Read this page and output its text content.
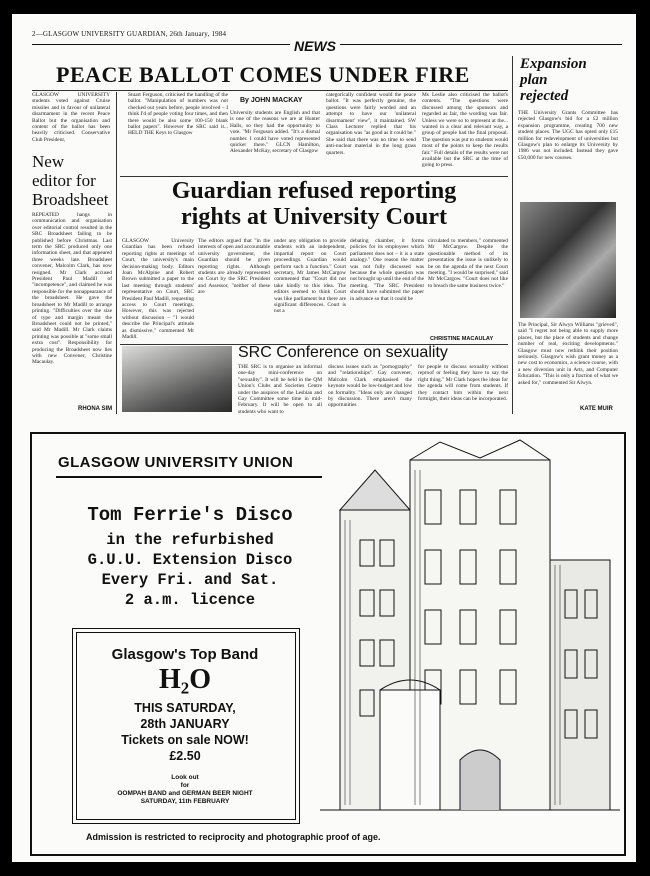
2—GLASGOW UNIVERSITY GUARDIAN, 26th January, 1984
NEWS
PEACE BALLOT COMES UNDER FIRE
GLASGOW UNIVERSITY students voted against Cruise missiles and in favour of unilateral disarmament in the recent Peace Ballot but the organisation and content of the ballot has been heavily criticised. Conservative Club President,
Stuart Ferguson, criticised the handling of the ballot. "Manipulation of numbers was not checked out years before, people involved – I think I'd of people voting four times, and then there would be also some 100-150 blank ballot papers". However the SRC said it... HELD THE Keys to Glasgow
By JOHN MACKAY
University students are English and that is one of the reasons we are at Hunter Halls, so they had the opportunity to vote. "Mr Ferguson added. "It's a dismal number. I could have voted represented quicker there." GLCN Hamilton, Alexander McKay, secretary of Glasgow
categorically confident would the peace ballot. "It was perfectly genuine, the questions were fairly worded and an attempt to have our 'unilateral disarmament' view", it maintained. SW Class Lecturer replied that his organisation was "as good as it could be." She said that there was no time to send anti-nuclear material in the long grass quarters.
Ms Leslie also criticised the ballot's contents. "The questions were discussed among the sponsors and regarded as fair, the wording was fair. Unless we were so to represent at the... wanted in a clear and relevant way, a group of people had the final proposal. The question was put to students would most of the points to keep the results fair." Full details of the results were not available but the SRC at the time of going to press.
New
editor for
Broadsheet
REPEATED hangs in communication and organisation over editorial control resulted in the SRC Broadsheet failing to be published before Christmas. Last term the SRC produced only one information sheet, and that appeared three weeks late. Broadsheet convener, Malcolm Clark, has now resigned. Mr Clark accused President Paul Madill of "incompetence", and claimed he was responsible for the nonappearance of the broadsheet. He gave the broadsheet to Mr Madill to arrange printing. "Difficulties over the size of type and margin meant the Broadsheet could not be printed," said Mr Madill. Mr Clark claims printing was possible at "some small extra cost". Responsibility for producing the Broadsheet now lies with new Convener, Christine Macaulay.
RHONA SIM
Guardian refused reporting
rights at University Court
GLASGOW University Guardian has been refused reporting rights at meetings of Court, the university's main decision-making body. Editors Joan McAlpine and Robert Brown submitted a paper to the last meeting through students' representative on Court, SRC President Paul Madill, requesting access to Court meetings. However, this was rejected without discussion – "I would describe the Principal's attitude as dismissive," commented Mr Madill.
The editors argued that "in the interests of open and accountable university government, the Guardian should be given reporting rights. Although students are already represented on Court by the SRC President and Assessor, "neither of these are
under any obligation to provide students with an independent, impartial report on Court proceedings. Guardian would perform such a function." Court secretary, Mr James McCargow commented that "Court did not take kindly to this idea. The editors seemed to think Court was like parliament but there are significant differences. Court is not a
debating chamber, it forms policies for its employees which parliament does not – it is a state analogy." One reason the matter was not fully discussed was because the whole question was not brought up until the end of the meeting. "The SRC President should have submitted the paper in advance so that it could be
circulated to members," commented Mr McCargow. Despite the questionable method of its presentation the issue is unlikely to be on the agenda of the next Court meeting. "I would be surprised," said Mr McCargow. "Court does not like to breach the same business twice."
CHRISTINE MACAULAY
SRC Conference on sexuality
THE SRC is to organise an informal one-day mini-conference on "sexuality". It will be held in the QM Union's Clubs and Societies Centre under the auspices of the Lesbian and Gay Committee some time in mid-February. It will be open to all students who want to
discuss issues such as "pornography" and "relationships". Gay convener, Malcolm Clark emphasised the keynote would be low-budget and low on formality. "Ideas only are changed by discussion. There aren't many opportunities
for people to discuss sexuality without reproof or feeling they have to say the right thing." Mr Clark hopes the ideas for the agenda will come from students. If they contact him within the next fortnight, their ideas can be incorporated.
Expansion
plan
rejected
THE University Grants Committee has rejected Glasgow's bid for a £2 million expansion programme, creating 700 new student places. The UGC has opted only £15 million for redevelopment of universities but Glasgow's plan to enlarge its University by 1986 was not included. Instead they gave £50,000 for new courses.
The Principal, Sir Alwyn Williams "grieved", said "I regret not being able to supply more places, but the place of students and change number of real, exciting developments." Glasgow must now rethink their position seriously. Glasgow's wish grant money as a new cost to economics, a science course, with a new diversion unit in Arts, and Computer Education. "This is only a fraction of what we asked for," commented Sir Alwyn.
KATE MUIR
GLASGOW UNIVERSITY UNION
Tom Ferrie's Disco
in the refurbished
G.U.U. Extension Disco
Every Fri. and Sat.
2 a.m. licence
Glasgow's Top Band
H₂O
THIS SATURDAY,
28th JANUARY
Tickets on sale NOW!
£2.50
Look out
for
OOMPAH BAND and GERMAN BEER NIGHT
SATURDAY, 11th FEBRUARY
Admission is restricted to reciprocity and photographic proof of age.
